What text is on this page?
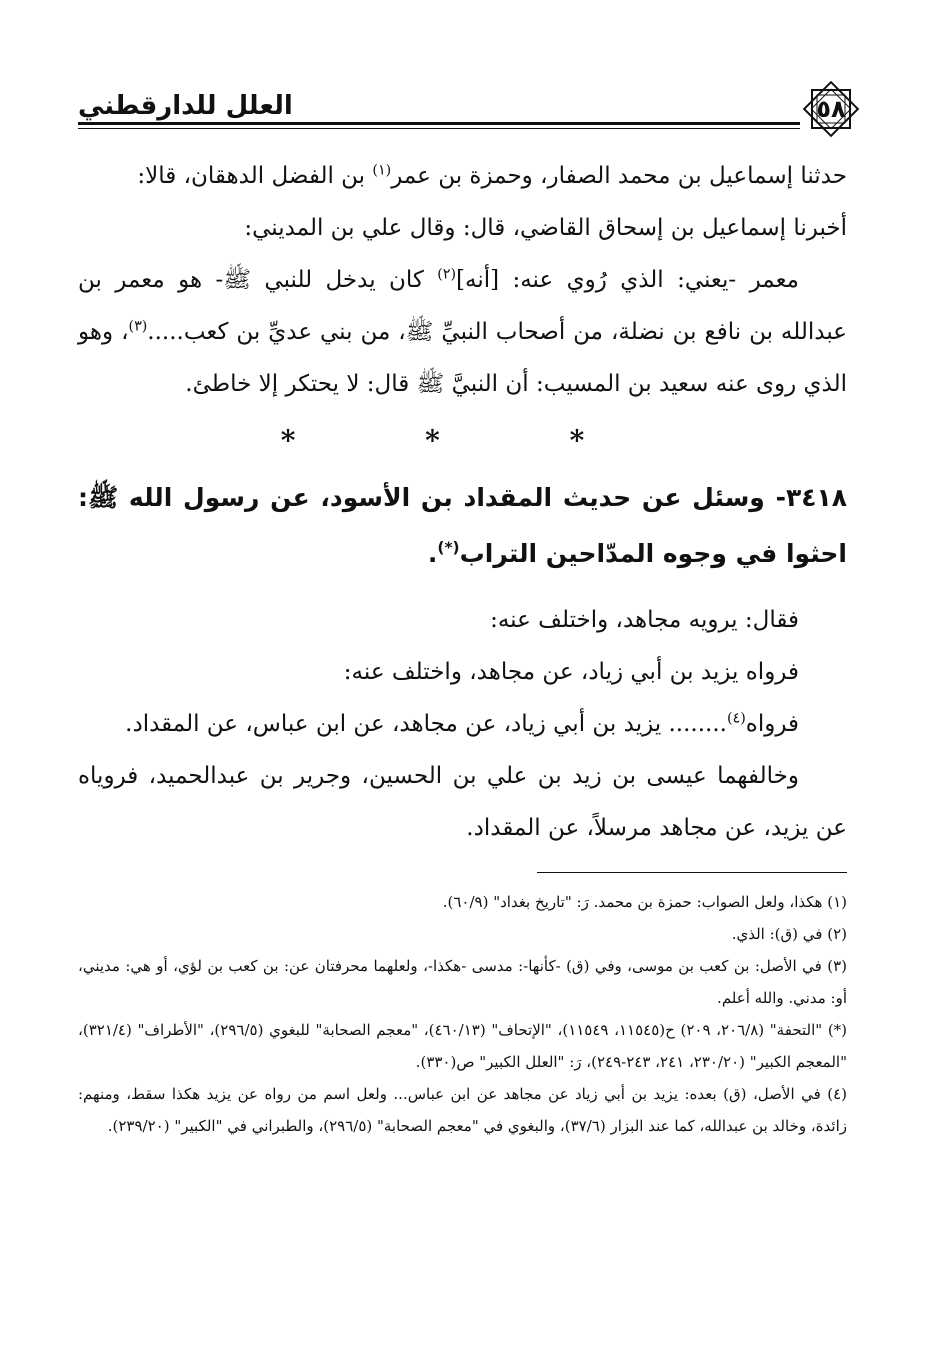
٥٨
العلل للدارقطني

حدثنا إسماعيل بن محمد الصفار، وحمزة بن عمر$^{(١)}$ بن الفضل الدهقان، قالا:

أخبرنا إسماعيل بن إسحاق القاضي، قال: وقال علي بن المديني:

معمر -يعني: الذي رُوي عنه: [أنه]$^{(٢)}$ كان يدخل للنبي ﷺ- هو معمر بن عبدالله بن نافع بن نضلة، من أصحاب النبيِّ ﷺ، من بني عديِّ بن كعب.....$^{(٣)}$، وهو الذي روى عنه سعيد بن المسيب: أن النبيَّ ﷺ قال: لا يحتكر إلا خاطئ.

* * *

٣٤١٨- وسئل عن حديث المقداد بن الأسود، عن رسول الله ﷺ: احثوا في وجوه المدّاحين التراب(*).

فقال: يرويه مجاهد، واختلف عنه:

فرواه يزيد بن أبي زياد، عن مجاهد، واختلف عنه:

فرواه$^{(٤)}$........ يزيد بن أبي زياد، عن مجاهد، عن ابن عباس، عن المقداد.

وخالفهما عيسى بن زيد بن علي بن الحسين، وجرير بن عبدالحميد، فروياه عن يزيد، عن مجاهد مرسلاً، عن المقداد.

(١) هكذا، ولعل الصواب: حمزة بن محمد. رَ: "تاريخ بغداد" (٦٠/٩).

(٢) في (ق): الذي.

(٣) في الأصل: بن كعب بن موسى، وفي (ق) -كأنها-: مدسى -هكذا-، ولعلهما محرفتان عن: بن كعب بن لؤي، أو هي: مديني، أو: مدني. والله أعلم.

(*) "التحفة" (٢٠٦/٨، ٢٠٩) ح(١١٥٤٥، ١١٥٤٩)، "الإتحاف" (٤٦٠/١٣)، "معجم الصحابة" للبغوي (٢٩٦/٥)، "الأطراف" (٣٢١/٤)، "المعجم الكبير" (٢٣٠/٢٠، ٢٤١، ٢٤٣-٢٤٩)، رَ: "العلل الكبير" ص(٣٣٠).

(٤) في الأصل، (ق) بعده: يزيد بن أبي زياد عن مجاهد عن ابن عباس... ولعل اسم من رواه عن يزيد هكذا سقط، ومنهم: زائدة، وخالد بن عبدالله، كما عند البزار (٣٧/٦)، والبغوي في "معجم الصحابة" (٢٩٦/٥)، والطبراني في "الكبير" (٢٣٩/٢٠).
